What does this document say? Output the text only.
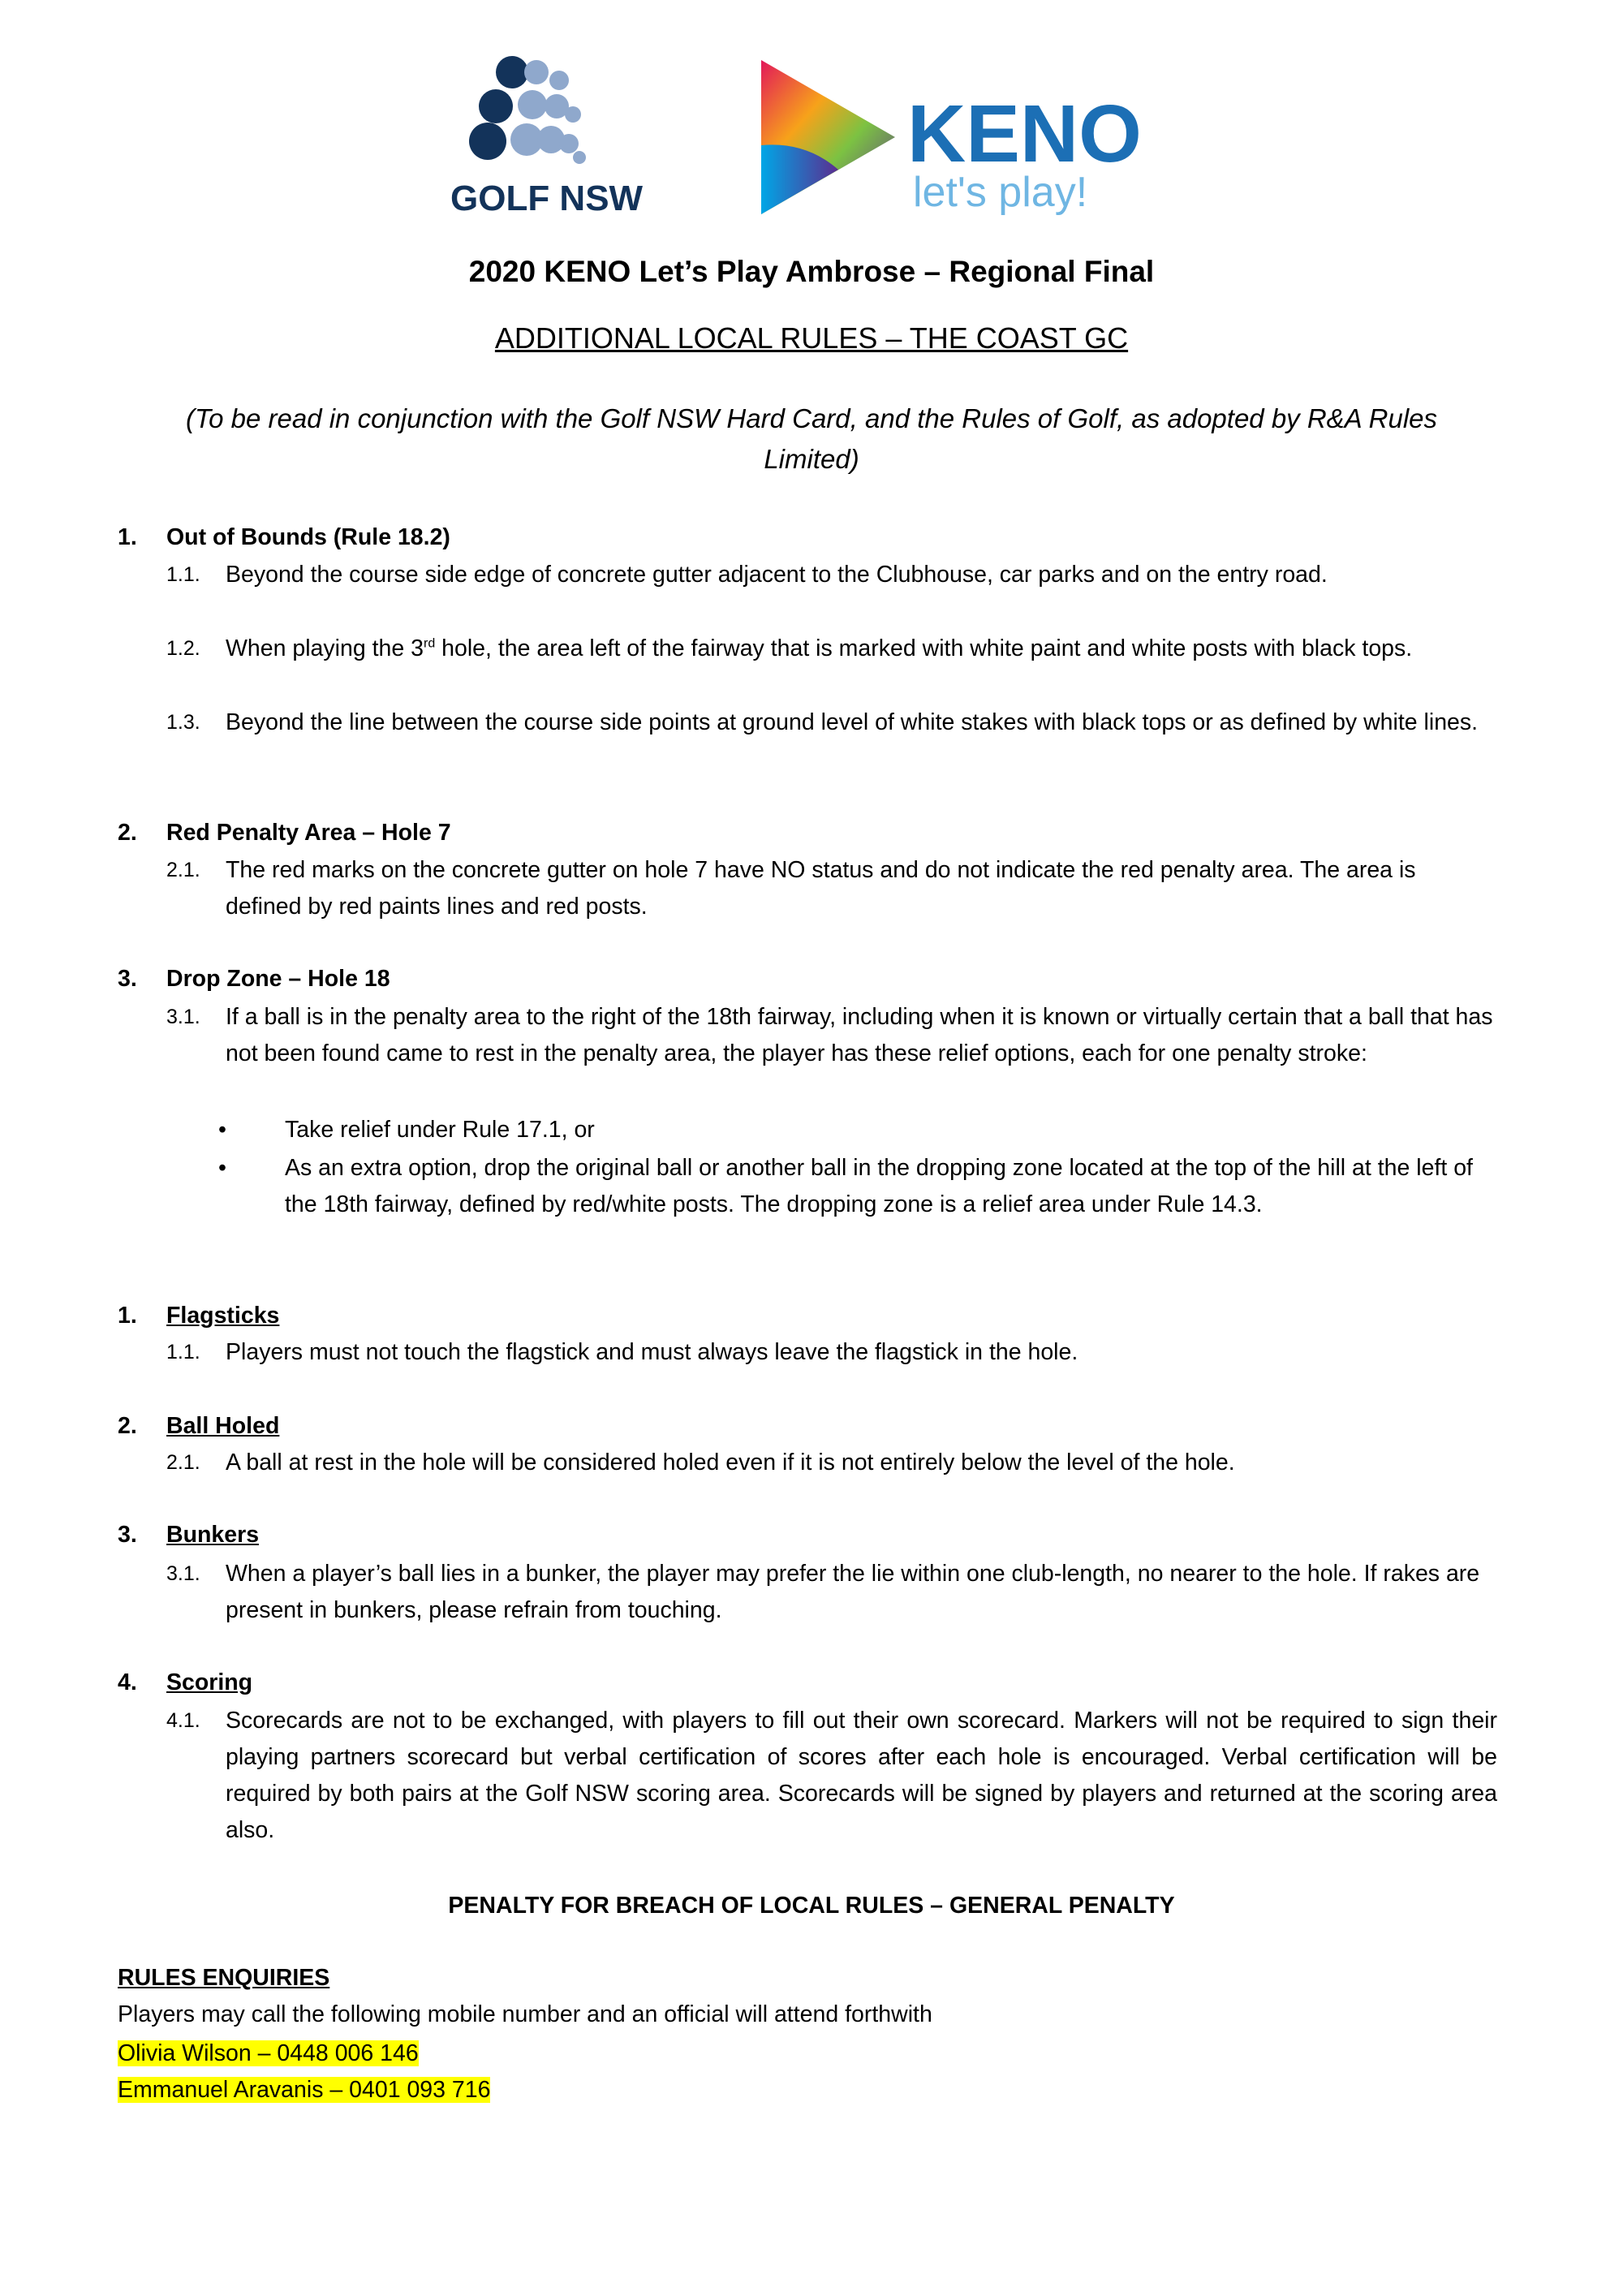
GOLF NSW
KENO
let's play!
2020 KENO Let’s Play Ambrose – Regional Final
ADDITIONAL LOCAL RULES – THE COAST GC
(To be read in conjunction with the Golf NSW Hard Card, and the Rules of Golf, as adopted by R&A Rules Limited)
1. Out of Bounds (Rule 18.2)
1.1. Beyond the course side edge of concrete gutter adjacent to the Clubhouse, car parks and on the entry road.
1.2. When playing the 3rd hole, the area left of the fairway that is marked with white paint and white posts with black tops.
1.3. Beyond the line between the course side points at ground level of white stakes with black tops or as defined by white lines.
2. Red Penalty Area – Hole 7
2.1. The red marks on the concrete gutter on hole 7 have NO status and do not indicate the red penalty area. The area is defined by red paints lines and red posts.
3. Drop Zone – Hole 18
3.1. If a ball is in the penalty area to the right of the 18th fairway, including when it is known or virtually certain that a ball that has not been found came to rest in the penalty area, the player has these relief options, each for one penalty stroke:
•	Take relief under Rule 17.1, or
•	As an extra option, drop the original ball or another ball in the dropping zone located at the top of the hill at the left of the 18th fairway, defined by red/white posts. The dropping zone is a relief area under Rule 14.3.
1. Flagsticks
1.1. Players must not touch the flagstick and must always leave the flagstick in the hole.
2. Ball Holed
2.1. A ball at rest in the hole will be considered holed even if it is not entirely below the level of the hole.
3. Bunkers
3.1. When a player’s ball lies in a bunker, the player may prefer the lie within one club-length, no nearer to the hole. If rakes are present in bunkers, please refrain from touching.
4. Scoring
4.1. Scorecards are not to be exchanged, with players to fill out their own scorecard. Markers will not be required to sign their playing partners scorecard but verbal certification of scores after each hole is encouraged. Verbal certification will be required by both pairs at the Golf NSW scoring area. Scorecards will be signed by players and returned at the scoring area also.
PENALTY FOR BREACH OF LOCAL RULES – GENERAL PENALTY
RULES ENQUIRIES
Players may call the following mobile number and an official will attend forthwith
Olivia Wilson – 0448 006 146
Emmanuel Aravanis – 0401 093 716
